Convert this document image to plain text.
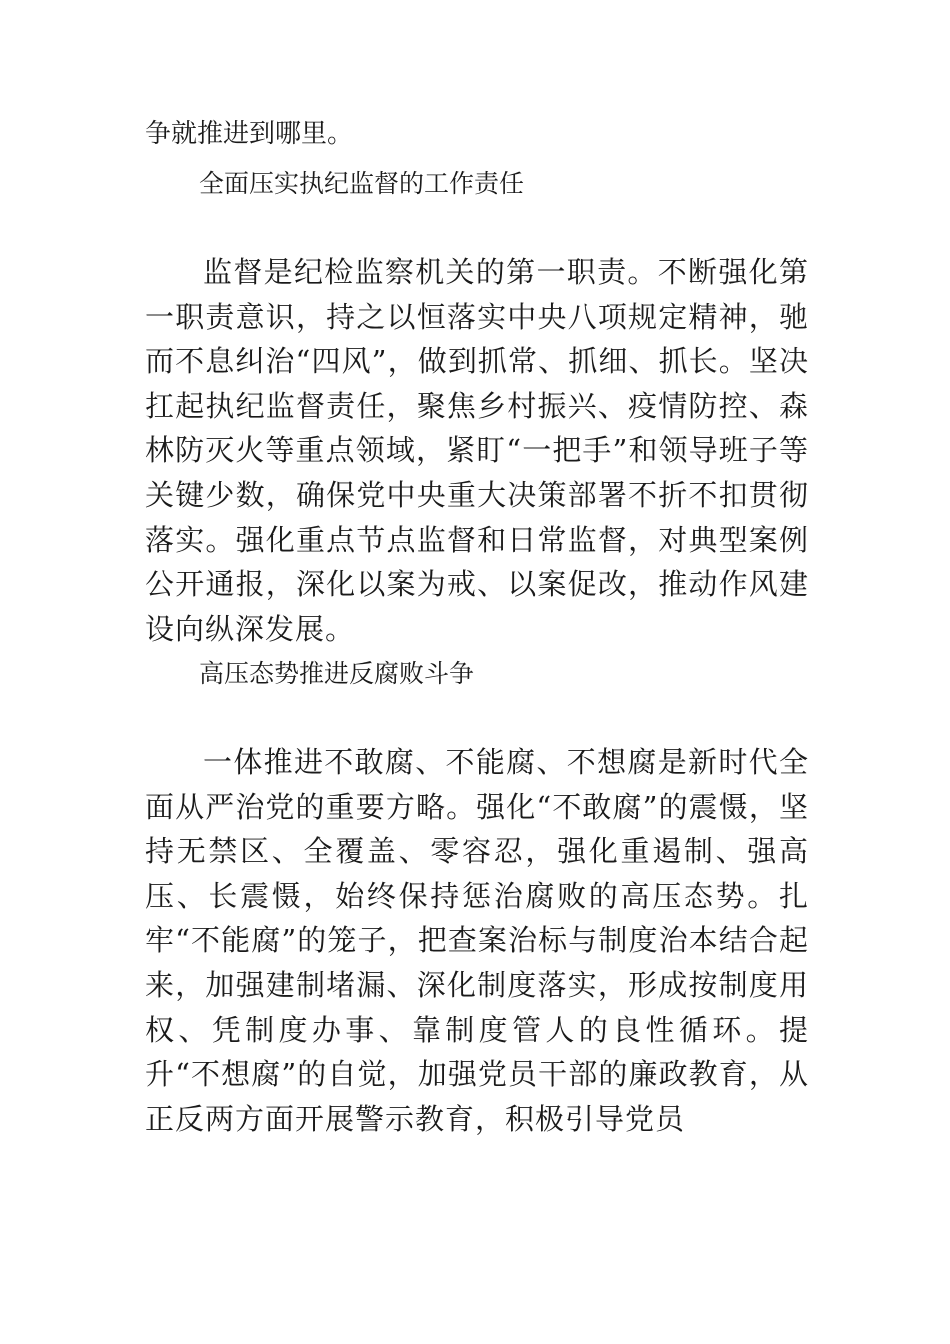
争就推进到哪里。

全面压实执纪监督的工作责任

监督是纪检监察机关的第一职责。不断强化第一职责意识，持之以恒落实中央八项规定精神，驰而不息纠治“四风”，做到抓常、抓细、抓长。坚决扛起执纪监督责任，聚焦乡村振兴、疫情防控、森林防灭火等重点领域，紧盯“一把手”和领导班子等关键少数，确保党中央重大决策部署不折不扣贯彻落实。强化重点节点监督和日常监督，对典型案例公开通报，深化以案为戒、以案促改，推动作风建设向纵深发展。

高压态势推进反腐败斗争

一体推进不敢腐、不能腐、不想腐是新时代全面从严治党的重要方略。强化“不敢腐”的震慑，坚持无禁区、全覆盖、零容忍，强化重遏制、强高压、长震慑，始终保持惩治腐败的高压态势。扎牢“不能腐”的笼子，把查案治标与制度治本结合起来，加强建制堵漏、深化制度落实，形成按制度用权、凭制度办事、靠制度管人的良性循环。提升“不想腐”的自觉，加强党员干部的廉政教育，从正反两方面开展警示教育，积极引导党员
